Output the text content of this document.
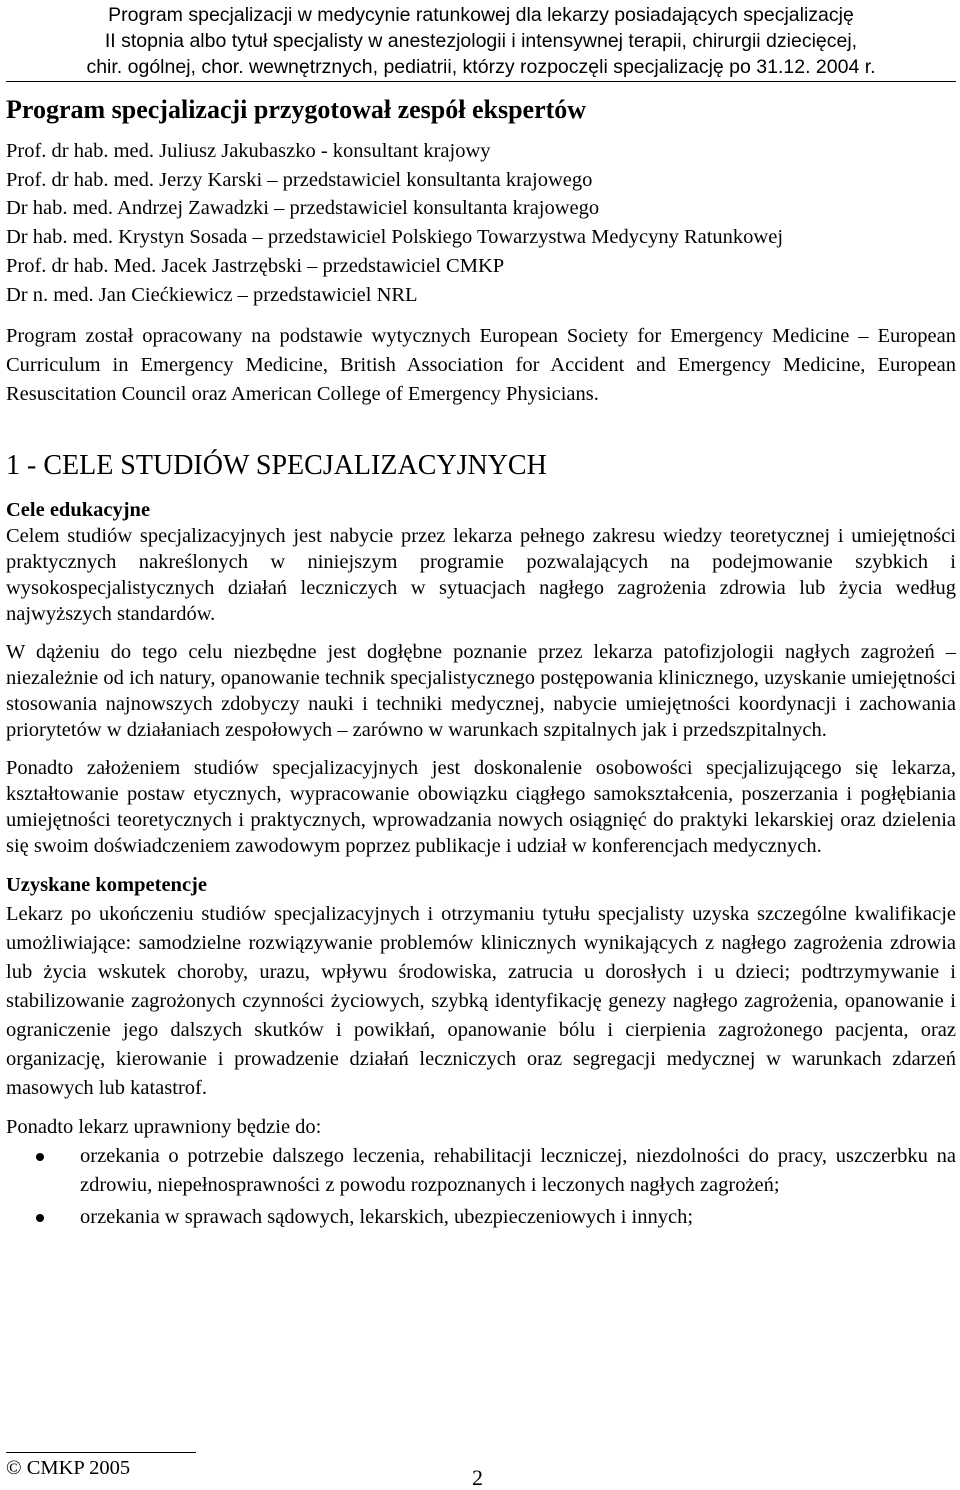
Program specjalizacji w medycynie ratunkowej dla lekarzy posiadających specjalizację
II stopnia albo tytuł specjalisty w anestezjologii i intensywnej terapii, chirurgii dziecięcej,
chir. ogólnej, chor. wewnętrznych, pediatrii, którzy rozpoczęli specjalizację po 31.12. 2004 r.
Program specjalizacji przygotował zespół ekspertów
Prof. dr hab. med. Juliusz Jakubaszko - konsultant krajowy
Prof. dr hab. med. Jerzy Karski – przedstawiciel konsultanta krajowego
Dr hab. med. Andrzej Zawadzki – przedstawiciel konsultanta krajowego
Dr hab. med. Krystyn Sosada – przedstawiciel Polskiego Towarzystwa Medycyny Ratunkowej
Prof. dr hab. Med. Jacek Jastrzębski – przedstawiciel CMKP
Dr n. med. Jan Ciećkiewicz – przedstawiciel NRL

Program został opracowany na podstawie wytycznych European Society for Emergency Medicine – European Curriculum in Emergency Medicine, British Association for Accident and Emergency Medicine, European Resuscitation Council oraz American College of Emergency Physicians.

1 - CELE STUDIÓW SPECJALIZACYJNYCH
Cele edukacyjne

Celem studiów specjalizacyjnych jest nabycie przez lekarza pełnego zakresu wiedzy teoretycznej i umiejętności praktycznych nakreślonych w niniejszym programie pozwalających na podejmowanie szybkich i wysokospecjalistycznych działań leczniczych w sytuacjach nagłego zagrożenia zdrowia lub życia według najwyższych standardów.

W dążeniu do tego celu niezbędne jest dogłębne poznanie przez lekarza patofizjologii nagłych zagrożeń – niezależnie od ich natury, opanowanie technik specjalistycznego postępowania klinicznego, uzyskanie umiejętności stosowania najnowszych zdobyczy nauki i techniki medycznej, nabycie umiejętności koordynacji i zachowania priorytetów w działaniach zespołowych – zarówno w warunkach szpitalnych jak i przedszpitalnych.

Ponadto założeniem studiów specjalizacyjnych jest doskonalenie osobowości specjalizującego się lekarza, kształtowanie postaw etycznych, wypracowanie obowiązku ciągłego samokształcenia, poszerzania i pogłębiania umiejętności teoretycznych i praktycznych, wprowadzania nowych osiągnięć do praktyki lekarskiej oraz dzielenia się swoim doświadczeniem zawodowym poprzez publikacje i udział w konferencjach medycznych.

Uzyskane kompetencje

Lekarz po ukończeniu studiów specjalizacyjnych i otrzymaniu tytułu specjalisty uzyska szczególne kwalifikacje umożliwiające: samodzielne rozwiązywanie problemów klinicznych wynikających z nagłego zagrożenia zdrowia lub życia wskutek choroby, urazu, wpływu środowiska, zatrucia u dorosłych i u dzieci; podtrzymywanie i stabilizowanie zagrożonych czynności życiowych, szybką identyfikację genezy nagłego zagrożenia, opanowanie i ograniczenie jego dalszych skutków i powikłań, opanowanie bólu i cierpienia zagrożonego pacjenta, oraz organizację, kierowanie i prowadzenie działań leczniczych oraz segregacji medycznej w warunkach zdarzeń masowych lub katastrof.

Ponadto lekarz uprawniony będzie do:

orzekania o potrzebie dalszego leczenia, rehabilitacji leczniczej, niezdolności do pracy, uszczerbku na zdrowiu, niepełnosprawności z powodu rozpoznanych i leczonych nagłych zagrożeń;
orzekania w sprawach sądowych, lekarskich, ubezpieczeniowych i innych;
© CMKP 2005	2
